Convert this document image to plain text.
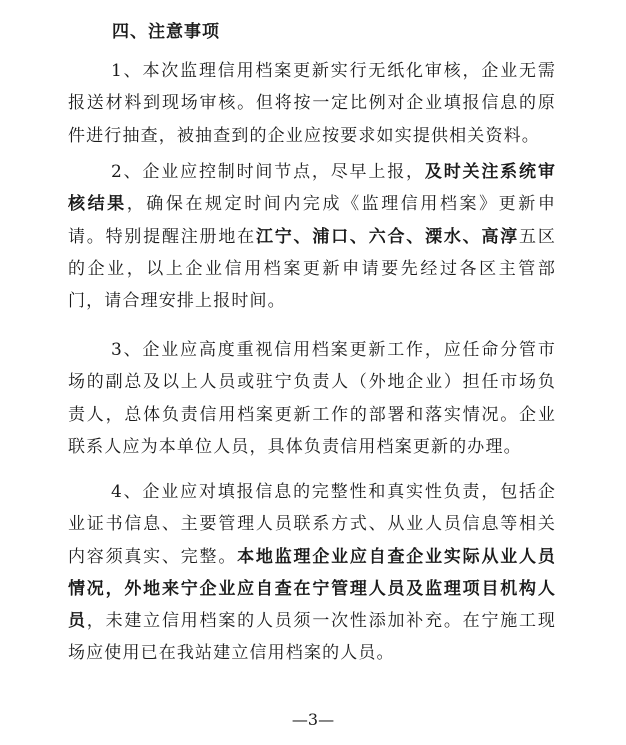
四、注意事项

1、本次监理信用档案更新实行无纸化审核，企业无需报送材料到现场审核。但将按一定比例对企业填报信息的原件进行抽查，被抽查到的企业应按要求如实提供相关资料。

2、企业应控制时间节点，尽早上报，及时关注系统审核结果，确保在规定时间内完成《监理信用档案》更新申请。特别提醒注册地在江宁、浦口、六合、溧水、高淳五区的企业，以上企业信用档案更新申请要先经过各区主管部门，请合理安排上报时间。

3、企业应高度重视信用档案更新工作，应任命分管市场的副总及以上人员或驻宁负责人（外地企业）担任市场负责人，总体负责信用档案更新工作的部署和落实情况。企业联系人应为本单位人员，具体负责信用档案更新的办理。

4、企业应对填报信息的完整性和真实性负责，包括企业证书信息、主要管理人员联系方式、从业人员信息等相关内容须真实、完整。本地监理企业应自查企业实际从业人员情况，外地来宁企业应自查在宁管理人员及监理项目机构人员，未建立信用档案的人员须一次性添加补充。在宁施工现场应使用已在我站建立信用档案的人员。

—3—
